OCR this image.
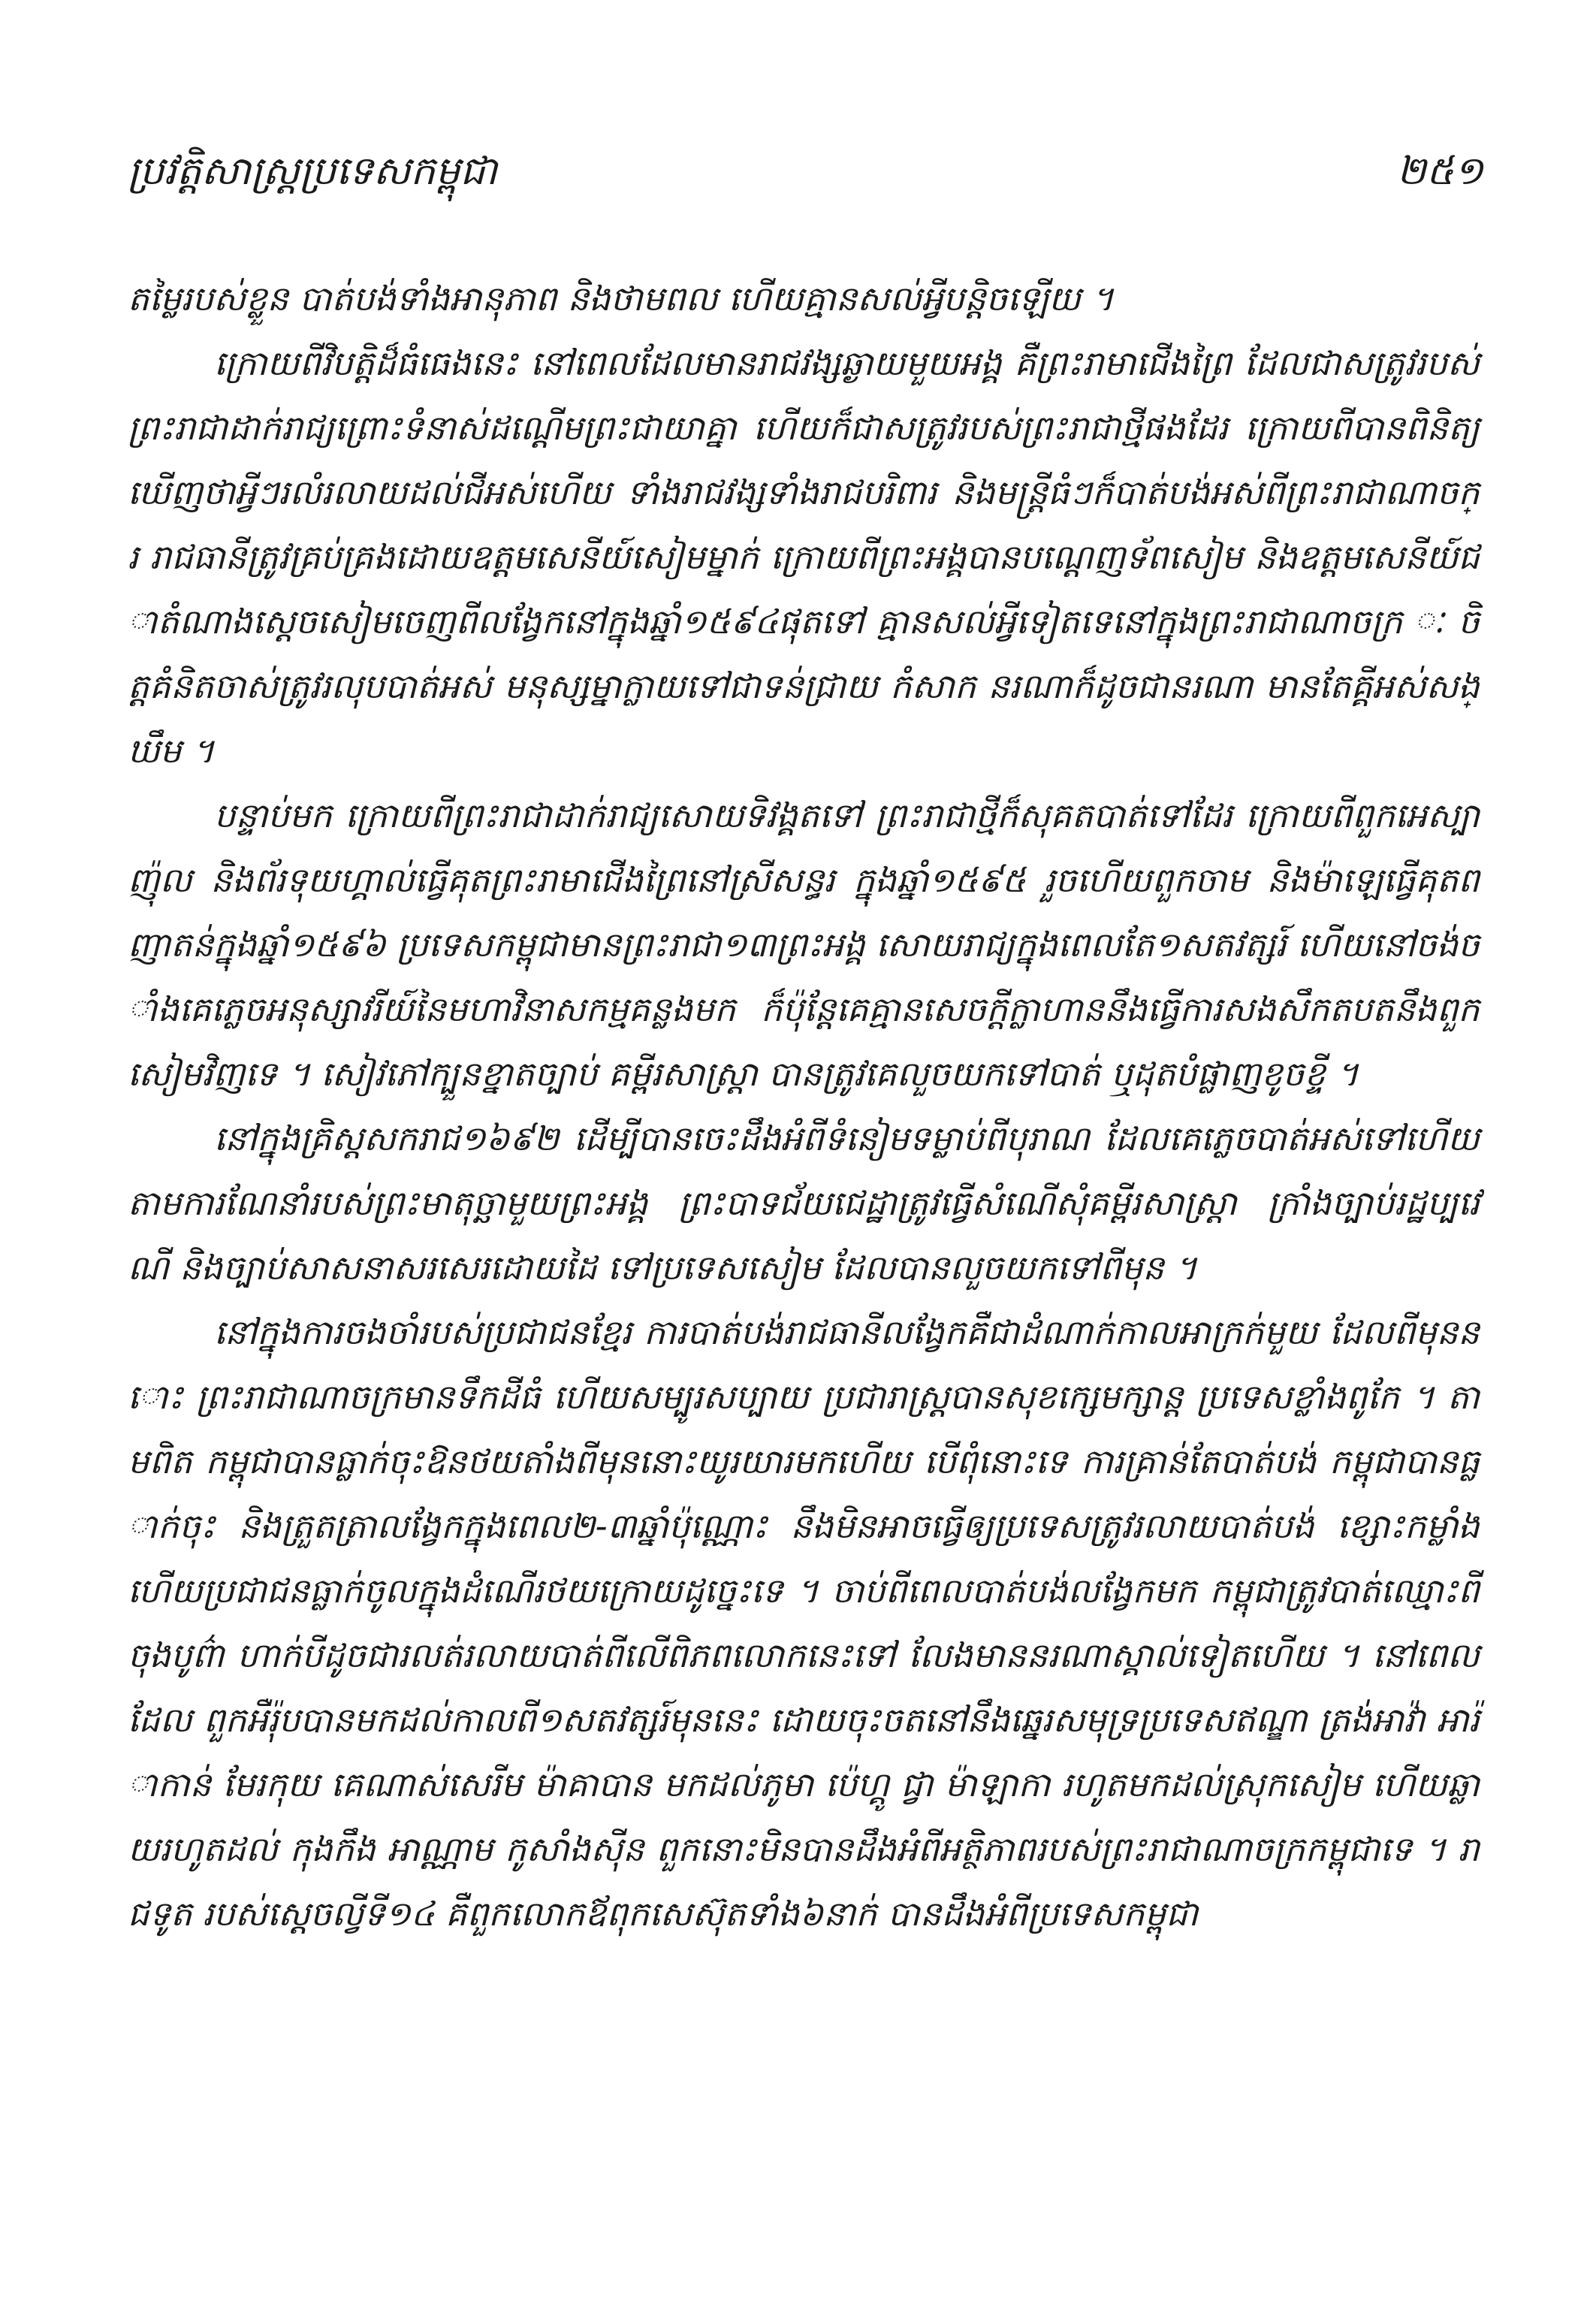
ប្រវត្តិសាស្ត្រប្រទេសកម្ពុជា	២៥១

តម្លៃរបស់ខ្លួន បាត់បង់ទាំងអានុភាព និងថាមពល ហើយគ្មានសល់អ្វីបន្តិចឡើយ ។

ក្រោយពីវិបត្តិដ៏ធំធេងនេះ នៅពេលដែលមានរាជវង្សឆ្ងាយមួយអង្គ គឺព្រះរាមាជើងព្រៃ ដែលជាសត្រូវរបស់ព្រះរាជាដាក់រាជ្យព្រោះទំនាស់ដណ្ដើមព្រះជាយាគ្នា ហើយក៏ជាសត្រូវរបស់ព្រះរាជាថ្មីផងដែរ ក្រោយពីបានពិនិត្យឃើញថាអ្វីៗរលំរលាយដល់ជីអស់ហើយ ទាំងរាជវង្សទាំងរាជបរិពារ និងមន្ត្រីធំៗក៏បាត់បង់អស់ពីព្រះរាជាណាចក្រ រាជធានីត្រូវគ្រប់គ្រងដោយឧត្តមសេនីយ៍សៀមម្នាក់ ក្រោយពីព្រះអង្គបានបណ្ដេញទ័ពសៀម និងឧត្តមសេនីយ៍ជាតំណាងស្ដេចសៀមចេញពីលង្វែកនៅក្នុងឆ្នាំ១៥៩៤ផុតទៅ គ្មានសល់អ្វីទៀតទេនៅក្នុងព្រះរាជាណាចក្រ ៈ ចិត្តគំនិតចាស់ត្រូវរលុបបាត់អស់ មនុស្សម្នាក្លាយទៅជាទន់ជ្រាយ កំសាក នរណាក៏ដូចជានរណា មានតែគ្គីអស់សង្ឃឹម ។

បន្ទាប់មក ក្រោយពីព្រះរាជាដាក់រាជ្យសោយទិវង្គតទៅ ព្រះរាជាថ្មីក៏សុគតបាត់ទៅដែរ ក្រោយពីពួកអេស្បាញ៉ុល និងព័រទុយហ្គាល់ធ្វើគុតព្រះរាមាជើងព្រៃនៅស្រីសន្ធរ ក្នុងឆ្នាំ១៥៩៥ រួចហើយពួកចាម និងម៉ាឡេធ្វើគុតពញាតន់ក្នុងឆ្នាំ១៥៩៦ ប្រទេសកម្ពុជាមានព្រះរាជា១៣ព្រះអង្គ សោយរាជ្យក្នុងពេលតែ១សតវត្សរ៍ ហើយនៅចង់ចាំងគេភ្លេចអនុស្សាវរីយ៍នៃមហាវិនាសកម្មគន្លងមក ក៏ប៉ុន្តែគេគ្មានសេចក្ដីក្លាហាននឹងធ្វើការសងសឹកតបតនឹងពួកសៀមវិញទេ ។ សៀវភៅក្បួនខ្នាតច្បាប់ គម្ពីរសាស្ត្រា បានត្រូវគេលួចយកទៅបាត់ ឬដុតបំផ្លាញខូចខ្ទី ។

នៅក្នុងគ្រិស្ដសករាជ១៦៩២ ដើម្បីបានចេះដឹងអំពីទំនៀមទម្លាប់ពីបុរាណ ដែលគេភ្លេចបាត់អស់ទៅហើយតាមការណែនាំរបស់ព្រះមាតុច្ឆាមួយព្រះអង្គ ព្រះបាទជ័យជេដ្ឋាត្រូវធ្វើសំណើសុំគម្ពីរសាស្ត្រា ក្រាំងច្បាប់រដ្ឋប្បវេណី និងច្បាប់សាសនាសរសេរដោយដៃ ទៅប្រទេសសៀម ដែលបានលួចយកទៅពីមុន ។

នៅក្នុងការចងចាំរបស់ប្រជាជនខ្មែរ ការបាត់បង់រាជធានីលង្វែកគឺជាដំណាក់កាលអាក្រក់មួយ ដែលពីមុននោះ ព្រះរាជាណាចក្រមានទឹកដីធំ ហើយសម្បូរសប្បាយ ប្រជារាស្ត្របានសុខក្សេមក្សាន្ត ប្រទេសខ្លាំងពូកែ ។ តាមពិត កម្ពុជាបានធ្លាក់ចុះឱនថយតាំងពីមុននោះយូរយារមកហើយ បើពុំនោះទេ ការគ្រាន់តែបាត់បង់ កម្ពុជាបានធ្លាក់ចុះ និងត្រួតត្រាលង្វែកក្នុងពេល២-៣ឆ្នាំប៉ុណ្ណោះ នឹងមិនអាចធ្វើឲ្យប្រទេសត្រូវរលាយបាត់បង់ ខ្សោះកម្លាំង ហើយប្រជាជនធ្លាក់ចូលក្នុងដំណើរថយក្រោយដូច្នេះទេ ។ ចាប់ពីពេលបាត់បង់លង្វែកមក កម្ពុជាត្រូវបាត់ឈ្មោះពីចុងបូព៌ា ហាក់បីដូចជារលត់រលាយបាត់ពីលើពិភពលោកនេះទៅ លែងមាននរណាស្គាល់ទៀតហើយ ។ នៅពេលដែល ពួកអឺរ៉ុបបានមកដល់កាលពី១សតវត្សរ៍មុននេះ ដោយចុះចតនៅនឹងឆ្នេរសមុទ្រប្រទេសឥណ្ឌា ត្រង់អាវ៉ា អារ៉ាកាន់ មែរកុយ គេណាស់សេរីម ម៉ាគាបាន មកដល់ភូមា ប៉េហ្គូ ជ្វា ម៉ាឡាកា រហូតមកដល់ស្រុកសៀម ហើយឆ្លាយរហូតដល់ កុងកឹង អាណ្ណាម កូសាំងស៊ីន ពួកនោះមិនបានដឹងអំពីអត្ថិភាពរបស់ព្រះរាជាណាចក្រកម្ពុជាទេ ។ រាជទូត របស់ស្ដេចល្វីទី១៤ គឺពួកលោកឪពុកសេស៊ុតទាំង៦នាក់ បានដឹងអំពីប្រទេសកម្ពុជា
